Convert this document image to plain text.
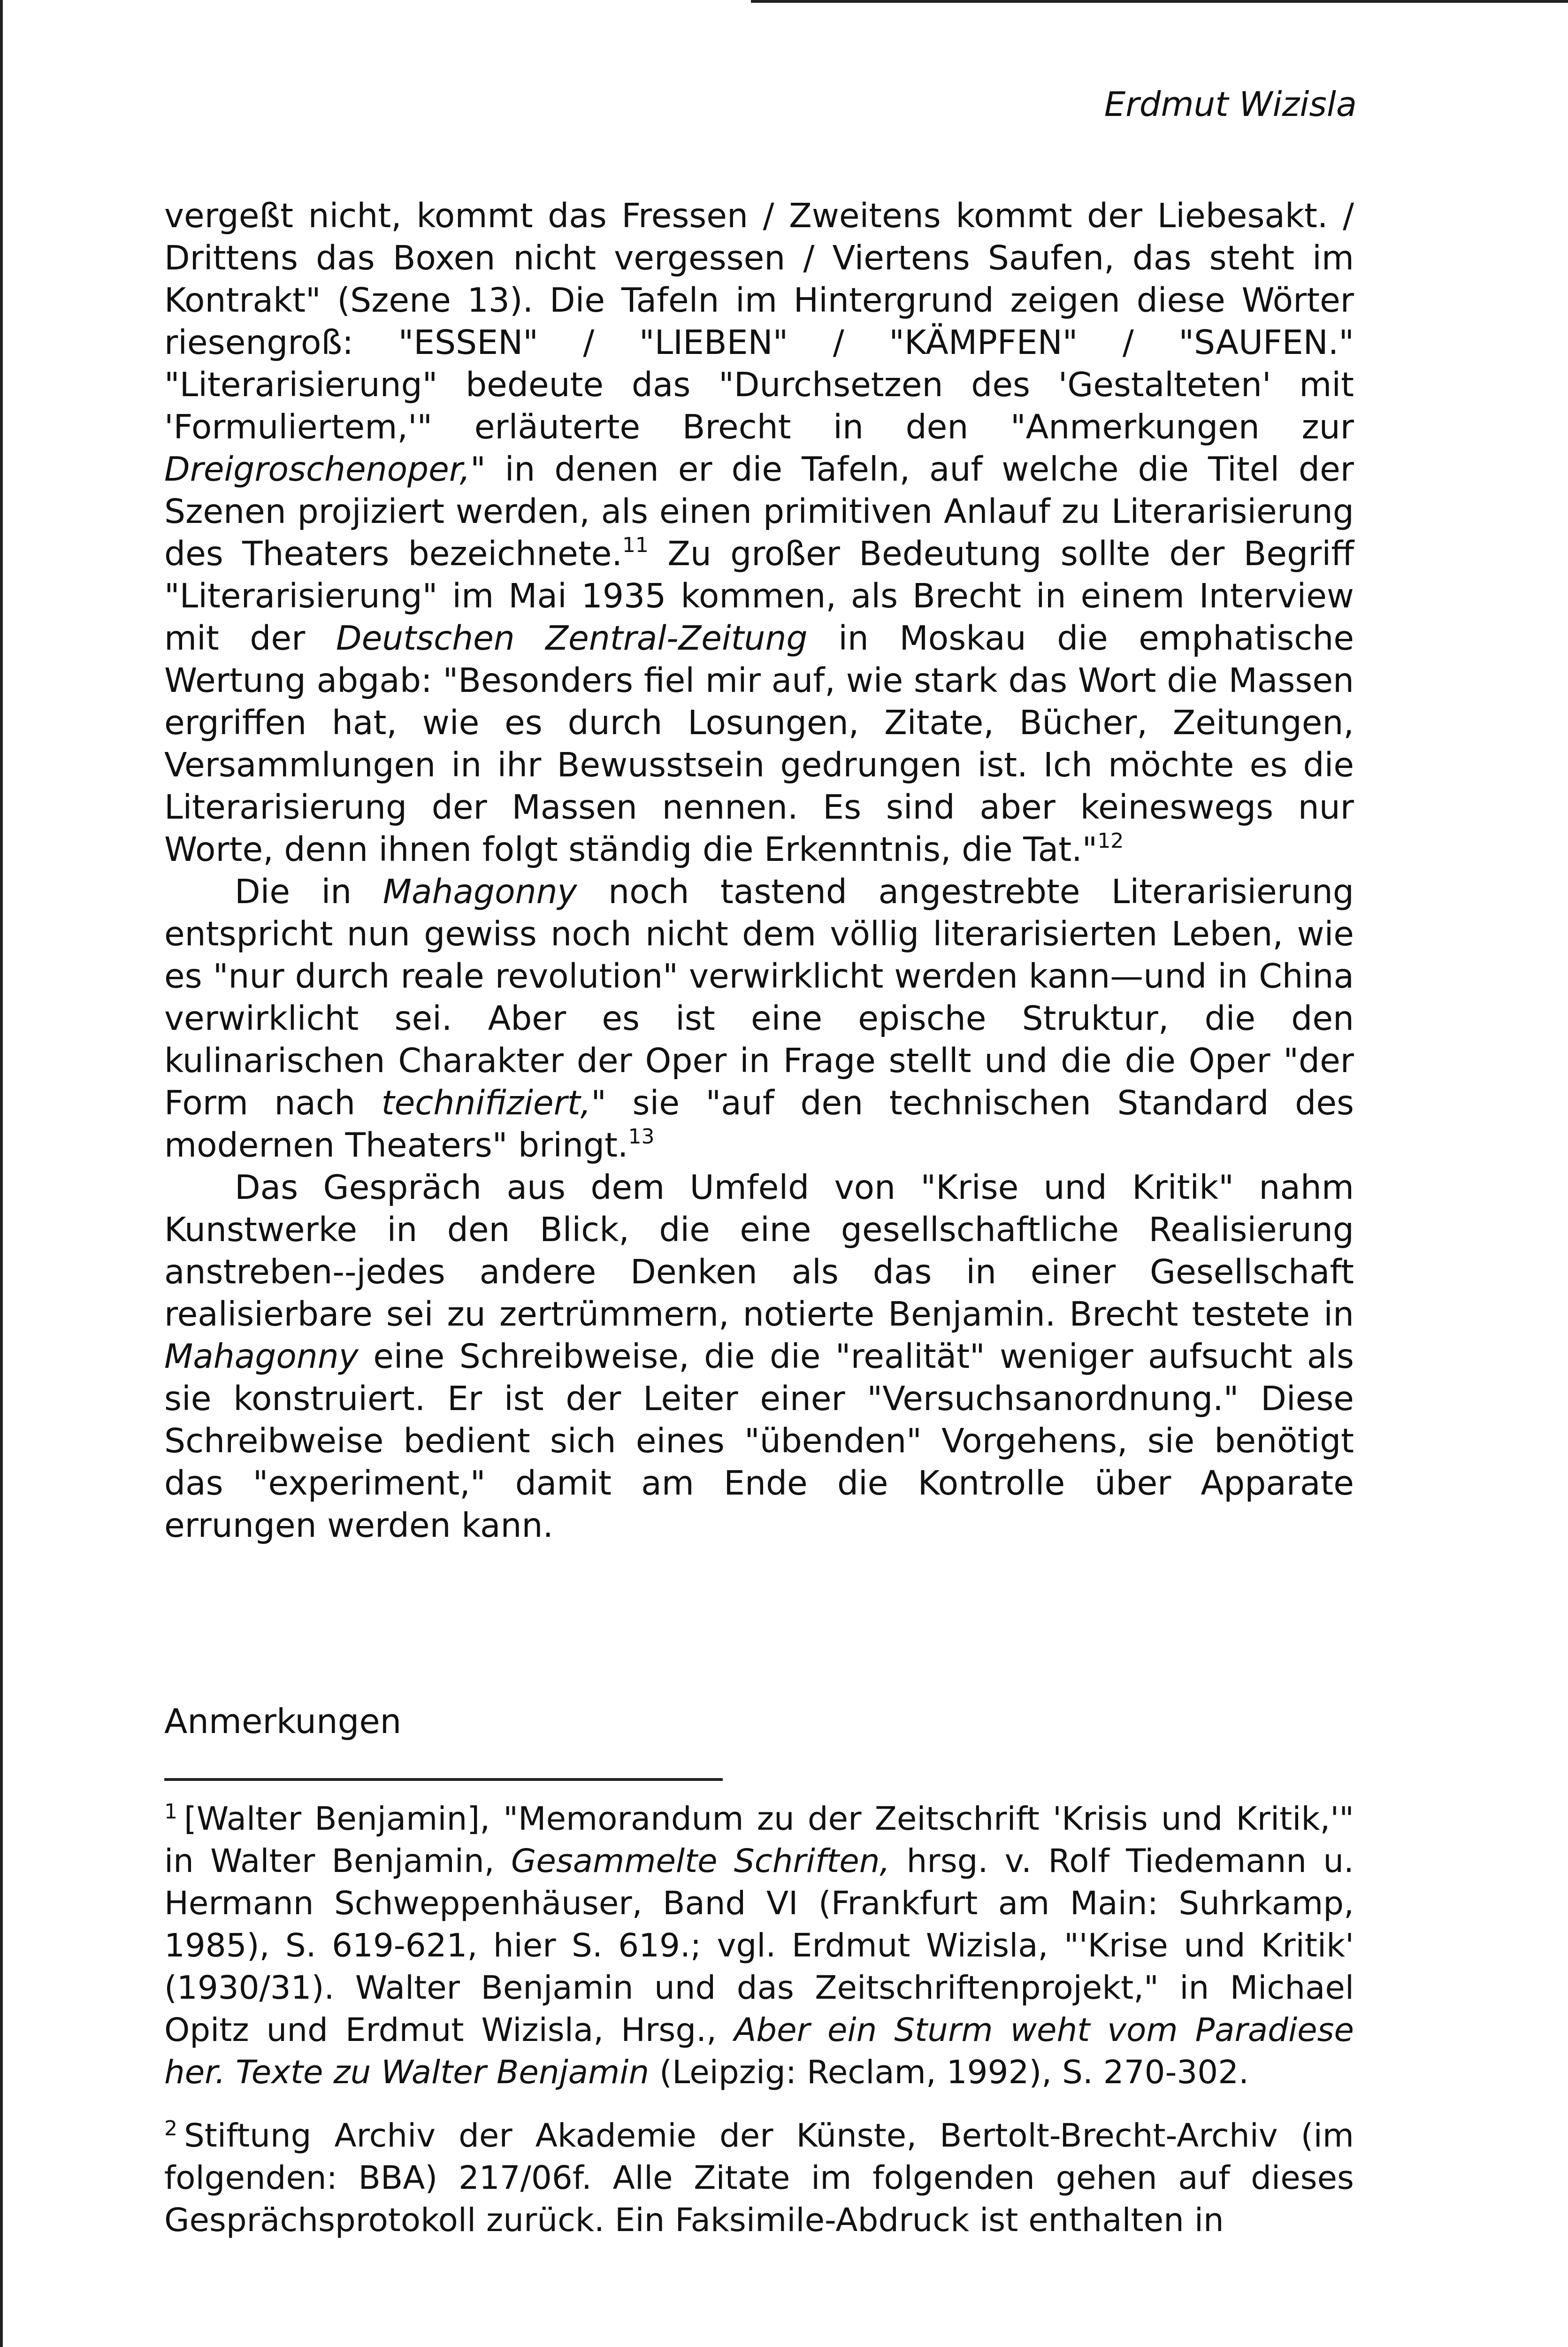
Erdmut Wizisla

vergeßt nicht, kommt das Fressen / Zweitens kommt der Liebesakt. / Drittens das Boxen nicht vergessen / Viertens Saufen, das steht im Kontrakt" (Szene 13). Die Tafeln im Hintergrund zeigen diese Wörter riesengroß: "ESSEN" / "LIEBEN" / "KÄMPFEN" / "SAUFEN." "Literarisierung" bedeute das "Durchsetzen des 'Gestalteten' mit 'Formuliertem,'" erläuterte Brecht in den "Anmerkungen zur Dreigroschenoper," in denen er die Tafeln, auf welche die Titel der Szenen projiziert werden, als einen primitiven Anlauf zu Literarisierung des Theaters bezeichnete.$^{11}$ Zu großer Bedeutung sollte der Begriff "Literarisierung" im Mai 1935 kommen, als Brecht in einem Interview mit der Deutschen Zentral-Zeitung in Moskau die emphatische Wertung abgab: "Besonders fiel mir auf, wie stark das Wort die Massen ergriffen hat, wie es durch Losungen, Zitate, Bücher, Zeitungen, Versammlungen in ihr Bewusstsein gedrungen ist. Ich möchte es die Literarisierung der Massen nennen. Es sind aber keineswegs nur Worte, denn ihnen folgt ständig die Erkenntnis, die Tat."$^{12}$

Die in Mahagonny noch tastend angestrebte Literarisierung entspricht nun gewiss noch nicht dem völlig literarisierten Leben, wie es "nur durch reale revolution" verwirklicht werden kann—und in China verwirklicht sei. Aber es ist eine epische Struktur, die den kulinarischen Charakter der Oper in Frage stellt und die die Oper "der Form nach technifiziert," sie "auf den technischen Standard des modernen Theaters" bringt.$^{13}$

Das Gespräch aus dem Umfeld von "Krise und Kritik" nahm Kunstwerke in den Blick, die eine gesellschaftliche Realisierung anstreben--jedes andere Denken als das in einer Gesellschaft realisierbare sei zu zertrümmern, notierte Benjamin. Brecht testete in Mahagonny eine Schreibweise, die die "realität" weniger aufsucht als sie konstruiert. Er ist der Leiter einer "Versuchsanordnung." Diese Schreibweise bedient sich eines "übenden" Vorgehens, sie benötigt das "experiment," damit am Ende die Kontrolle über Apparate errungen werden kann.

Anmerkungen

$^1$ [Walter Benjamin], "Memorandum zu der Zeitschrift 'Krisis und Kritik,'" in Walter Benjamin, Gesammelte Schriften, hrsg. v. Rolf Tiedemann u. Hermann Schweppenhäuser, Band VI (Frankfurt am Main: Suhrkamp, 1985), S. 619-621, hier S. 619.; vgl. Erdmut Wizisla, "'Krise und Kritik' (1930/31). Walter Benjamin und das Zeitschriftenprojekt," in Michael Opitz und Erdmut Wizisla, Hrsg., Aber ein Sturm weht vom Paradiese her. Texte zu Walter Benjamin (Leipzig: Reclam, 1992), S. 270-302.

$^2$ Stiftung Archiv der Akademie der Künste, Bertolt-Brecht-Archiv (im folgenden: BBA) 217/06f. Alle Zitate im folgenden gehen auf dieses Gesprächsprotokoll zurück. Ein Faksimile-Abdruck ist enthalten in
